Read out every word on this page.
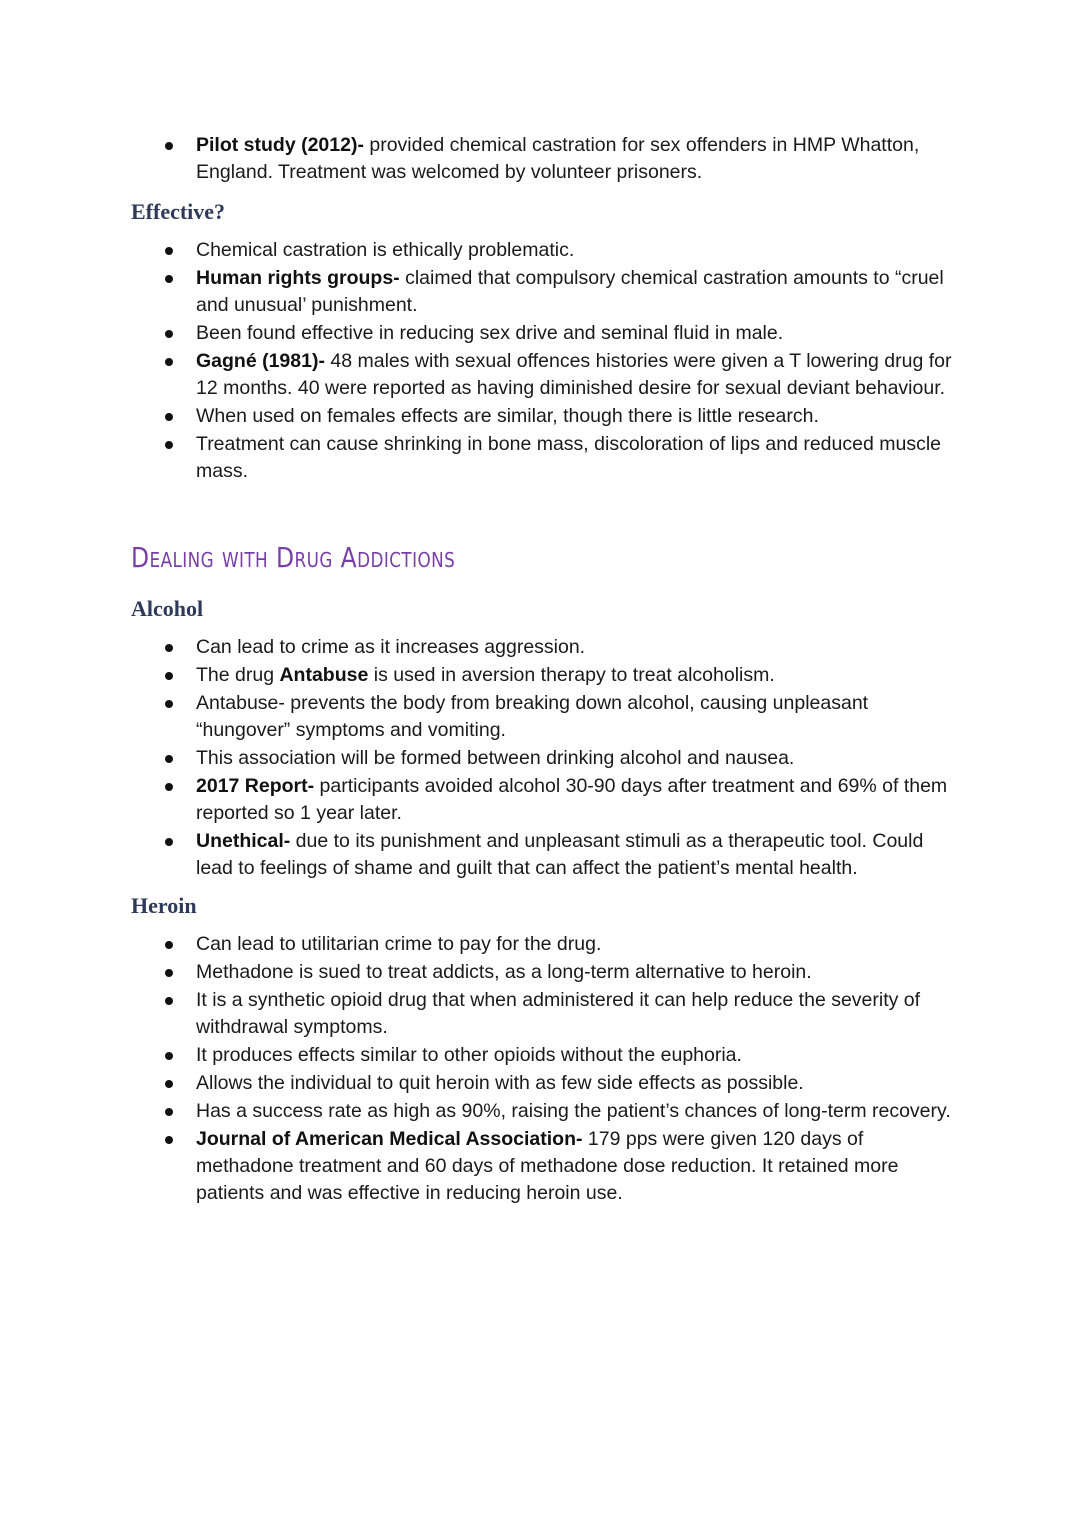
Pilot study (2012)- provided chemical castration for sex offenders in HMP Whatton, England. Treatment was welcomed by volunteer prisoners.
Effective?
Chemical castration is ethically problematic.
Human rights groups- claimed that compulsory chemical castration amounts to “cruel and unusual’ punishment.
Been found effective in reducing sex drive and seminal fluid in male.
Gagné (1981)- 48 males with sexual offences histories were given a T lowering drug for 12 months. 40 were reported as having diminished desire for sexual deviant behaviour.
When used on females effects are similar, though there is little research.
Treatment can cause shrinking in bone mass, discoloration of lips and reduced muscle mass.
Dealing with Drug Addictions
Alcohol
Can lead to crime as it increases aggression.
The drug Antabuse is used in aversion therapy to treat alcoholism.
Antabuse- prevents the body from breaking down alcohol, causing unpleasant “hungover” symptoms and vomiting.
This association will be formed between drinking alcohol and nausea.
2017 Report- participants avoided alcohol 30-90 days after treatment and 69% of them reported so 1 year later.
Unethical- due to its punishment and unpleasant stimuli as a therapeutic tool. Could lead to feelings of shame and guilt that can affect the patient’s mental health.
Heroin
Can lead to utilitarian crime to pay for the drug.
Methadone is sued to treat addicts, as a long-term alternative to heroin.
It is a synthetic opioid drug that when administered it can help reduce the severity of withdrawal symptoms.
It produces effects similar to other opioids without the euphoria.
Allows the individual to quit heroin with as few side effects as possible.
Has a success rate as high as 90%, raising the patient’s chances of long-term recovery.
Journal of American Medical Association- 179 pps were given 120 days of methadone treatment and 60 days of methadone dose reduction. It retained more patients and was effective in reducing heroin use.
